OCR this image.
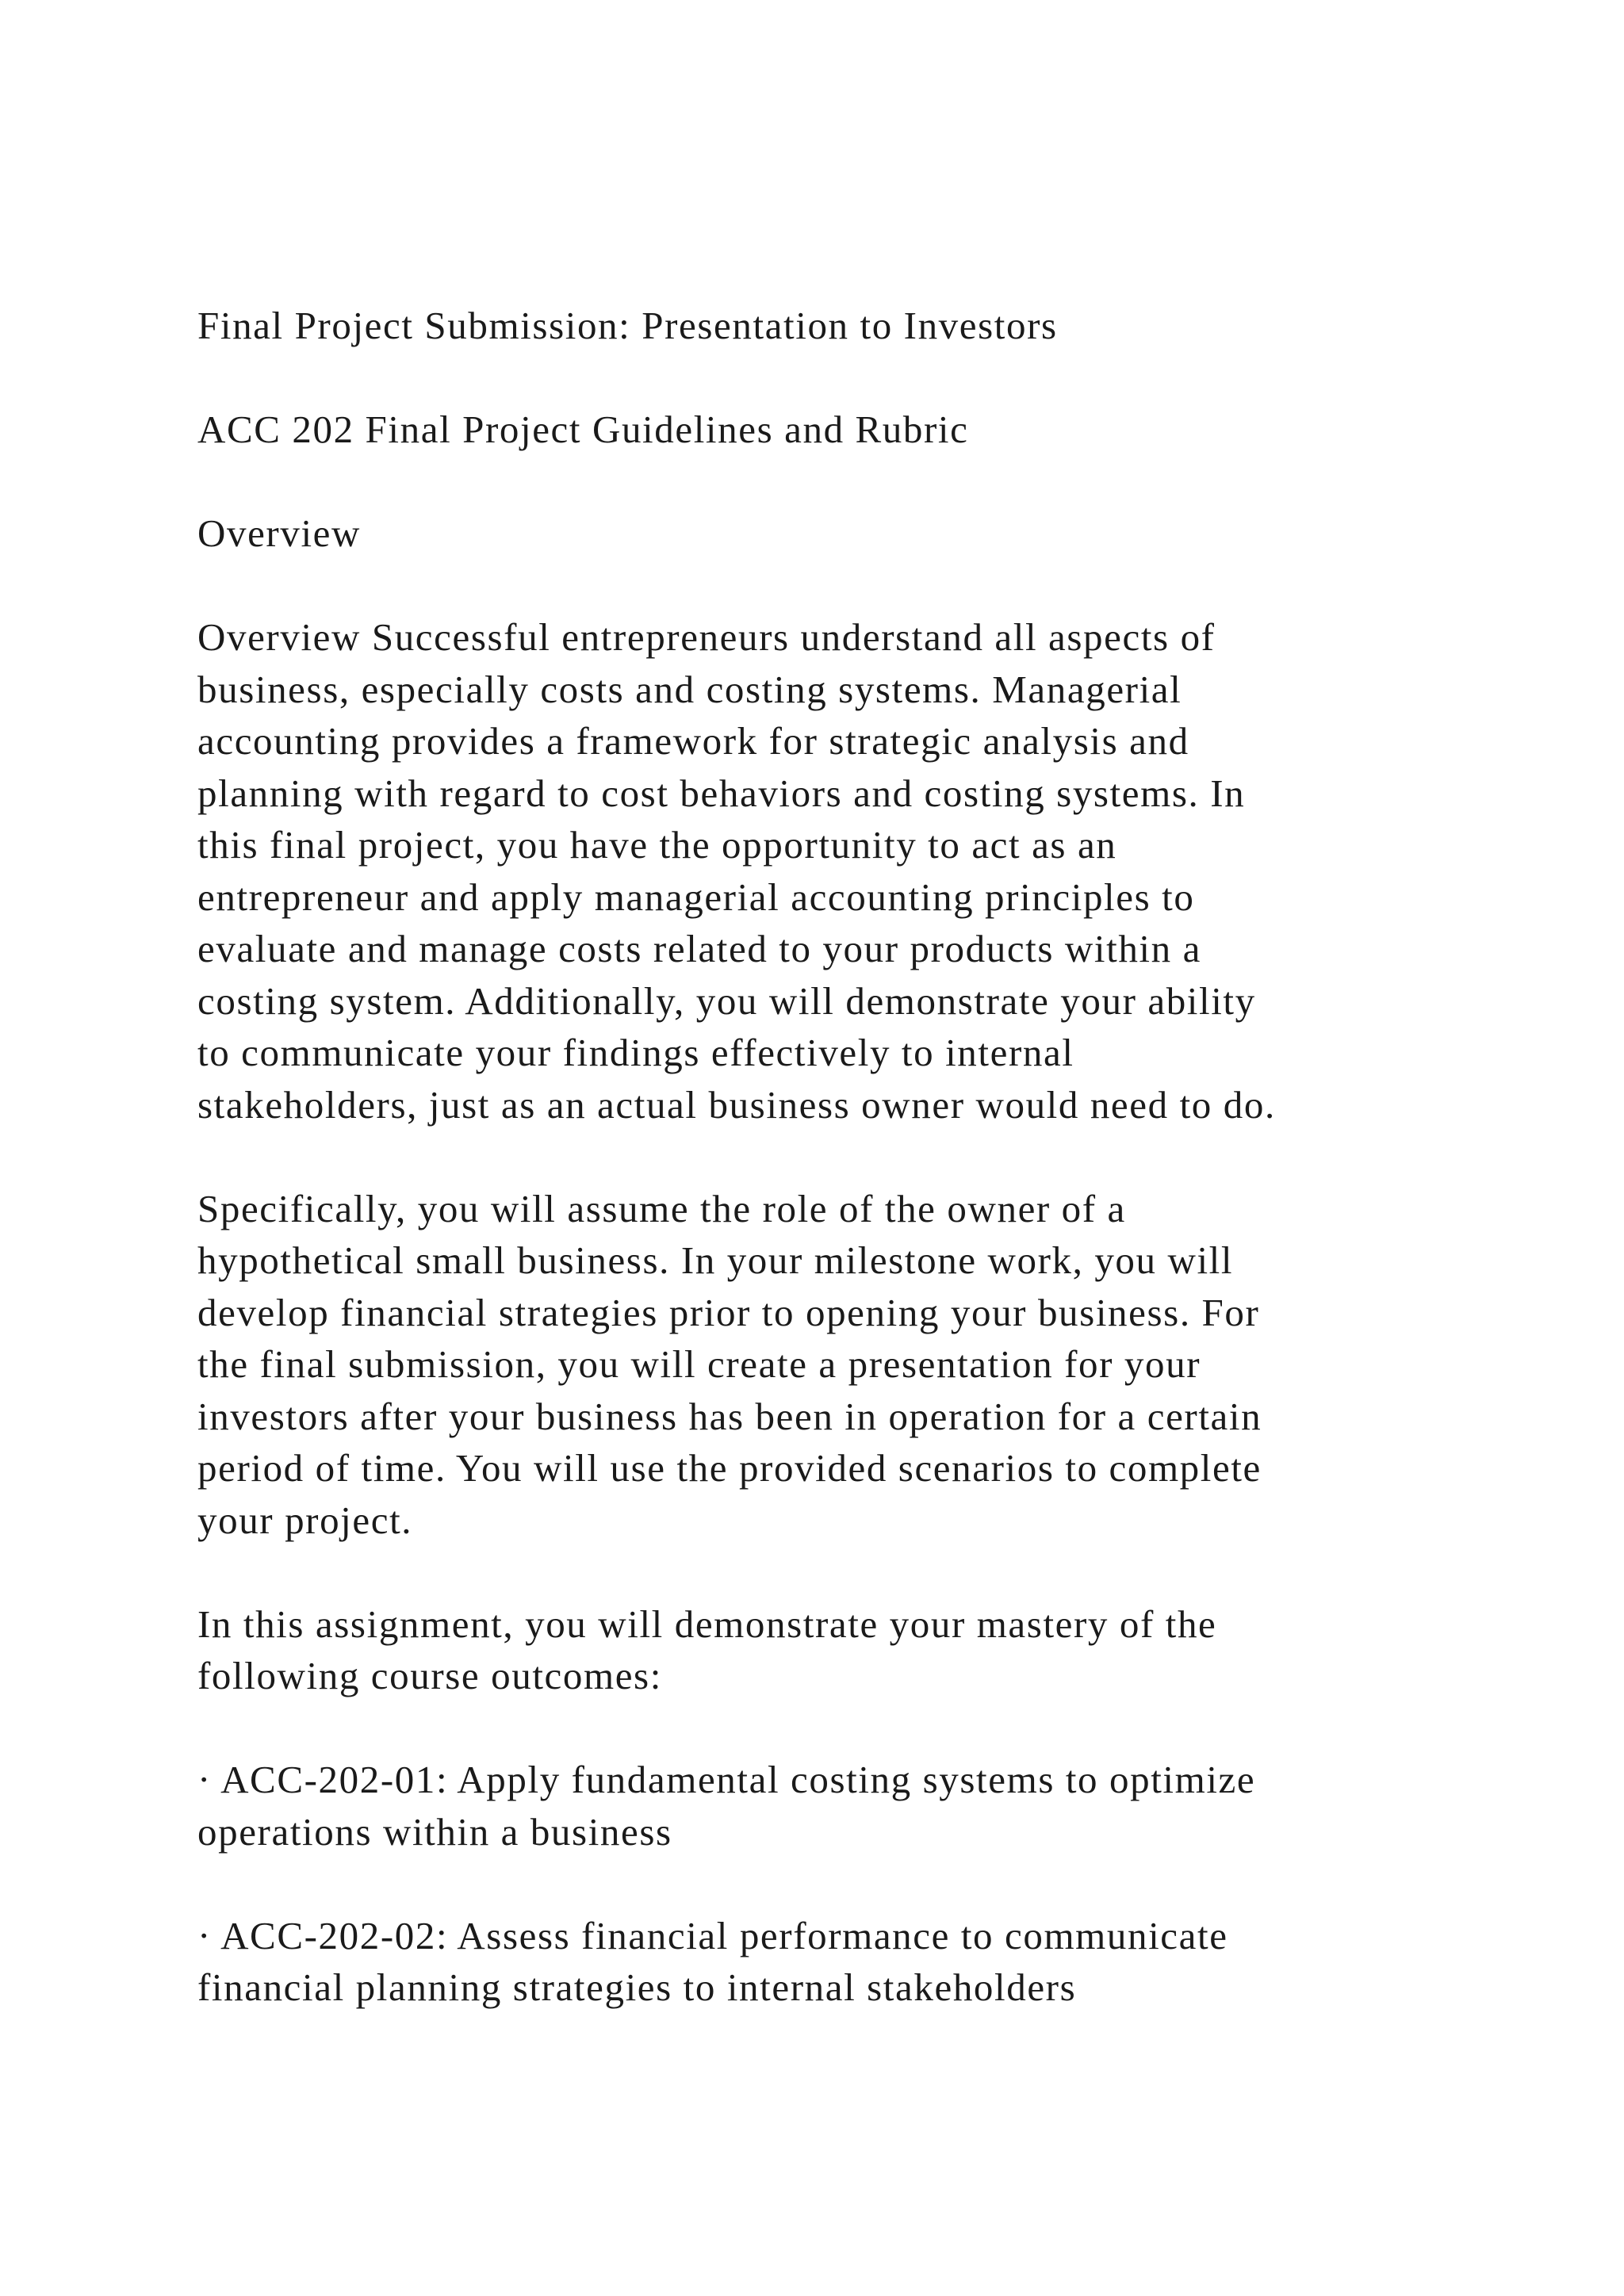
Final Project Submission: Presentation to Investors

ACC 202 Final Project Guidelines and Rubric

Overview

Overview Successful entrepreneurs understand all aspects of
business, especially costs and costing systems. Managerial
accounting provides a framework for strategic analysis and
planning with regard to cost behaviors and costing systems. In
this final project, you have the opportunity to act as an
entrepreneur and apply managerial accounting principles to
evaluate and manage costs related to your products within a
costing system. Additionally, you will demonstrate your ability
to communicate your findings effectively to internal
stakeholders, just as an actual business owner would need to do.

Specifically, you will assume the role of the owner of a
hypothetical small business. In your milestone work, you will
develop financial strategies prior to opening your business. For
the final submission, you will create a presentation for your
investors after your business has been in operation for a certain
period of time. You will use the provided scenarios to complete
your project.

In this assignment, you will demonstrate your mastery of the
following course outcomes:

· ACC-202-01: Apply fundamental costing systems to optimize
operations within a business

· ACC-202-02: Assess financial performance to communicate
financial planning strategies to internal stakeholders
